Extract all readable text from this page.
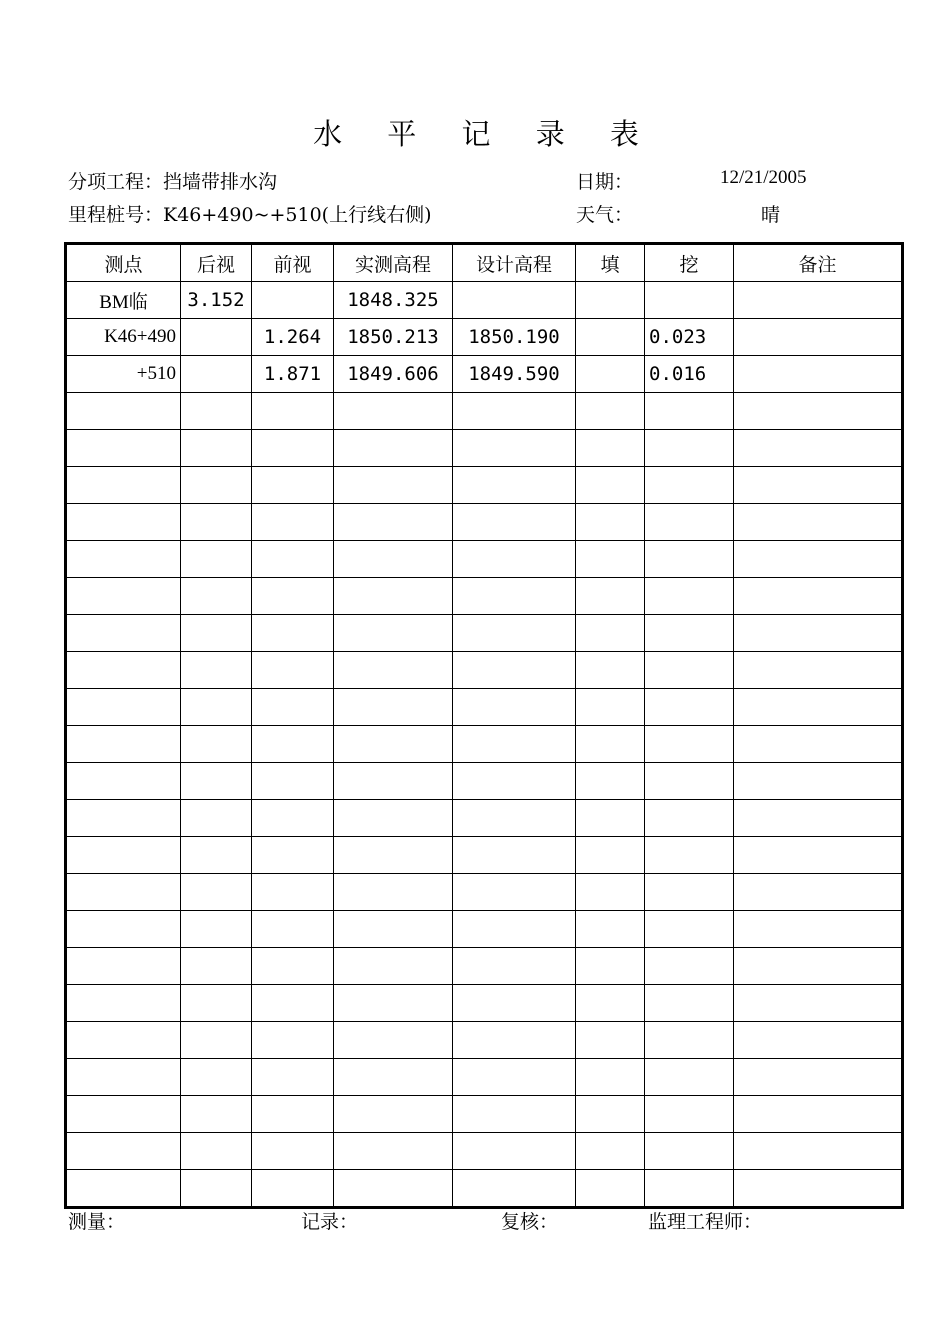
水 平 记 录 表
分项工程：挡墙带排水沟
里程桩号：K46+490~+510(上行线右侧)
日期：	12/21/2005
天气：	晴
测点	后视	前视	实测高程	设计高程	填	挖	备注
BM临	3.152		1848.325				
K46+490		1.264	1850.213	1850.190		0.023	
+510		1.871	1849.606	1849.590		0.016	

测量：	记录：	复核：	监理工程师：
